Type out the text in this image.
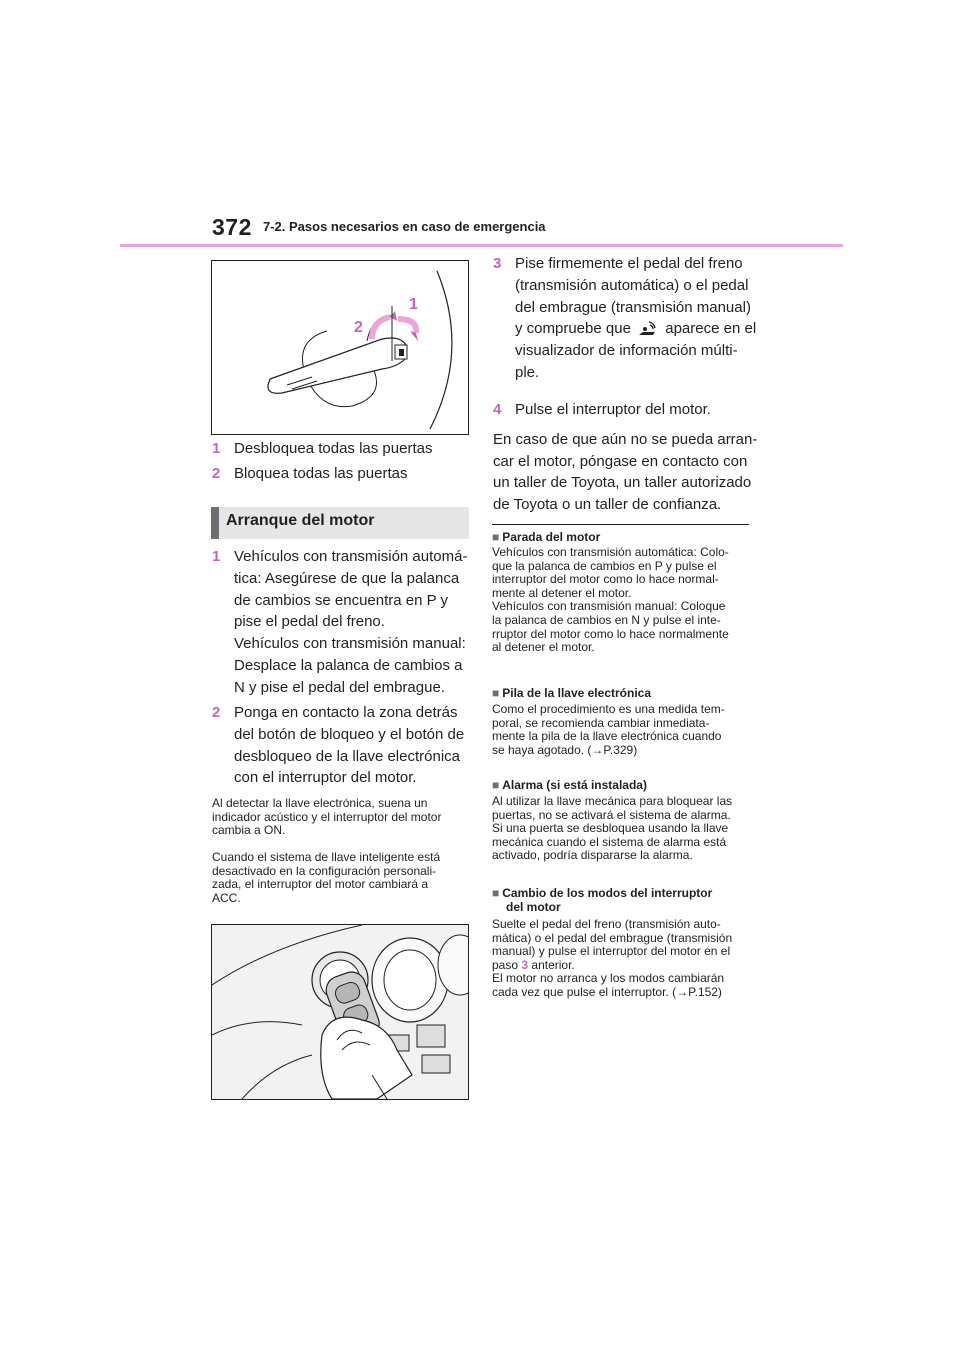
372 7-2. Pasos necesarios en caso de emergencia
1
2
1 Desbloquea todas las puertas
2 Bloquea todas las puertas
Arranque del motor
1 Vehículos con transmisión automá-
tica: Asegúrese de que la palanca
de cambios se encuentra en P y
pise el pedal del freno.
Vehículos con transmisión manual:
Desplace la palanca de cambios a
N y pise el pedal del embrague.
2 Ponga en contacto la zona detrás
del botón de bloqueo y el botón de
desbloqueo de la llave electrónica
con el interruptor del motor.
Al detectar la llave electrónica, suena un
indicador acústico y el interruptor del motor
cambia a ON.
Cuando el sistema de llave inteligente está
desactivado en la configuración personali-
zada, el interruptor del motor cambiará a
ACC.
3 Pise firmemente el pedal del freno
(transmisión automática) o el pedal
del embrague (transmisión manual)
y compruebe que aparece en el
visualizador de información múlti-
ple.
4 Pulse el interruptor del motor.
En caso de que aún no se pueda arran-
car el motor, póngase en contacto con
un taller de Toyota, un taller autorizado
de Toyota o un taller de confianza.
■ Parada del motor
Vehículos con transmisión automática: Colo-
que la palanca de cambios en P y pulse el
interruptor del motor como lo hace normal-
mente al detener el motor.
Vehículos con transmisión manual: Coloque
la palanca de cambios en N y pulse el inte-
rruptor del motor como lo hace normalmente
al detener el motor.
■ Pila de la llave electrónica
Como el procedimiento es una medida tem-
poral, se recomienda cambiar inmediata-
mente la pila de la llave electrónica cuando
se haya agotado. (→P.329)
■ Alarma (si está instalada)
Al utilizar la llave mecánica para bloquear las
puertas, no se activará el sistema de alarma.
Si una puerta se desbloquea usando la llave
mecánica cuando el sistema de alarma está
activado, podría dispararse la alarma.
■ Cambio de los modos del interruptor
del motor
Suelte el pedal del freno (transmisión auto-
mática) o el pedal del embrague (transmisión
manual) y pulse el interruptor del motor en el
paso 3 anterior.
El motor no arranca y los modos cambiarán
cada vez que pulse el interruptor. (→P.152)
